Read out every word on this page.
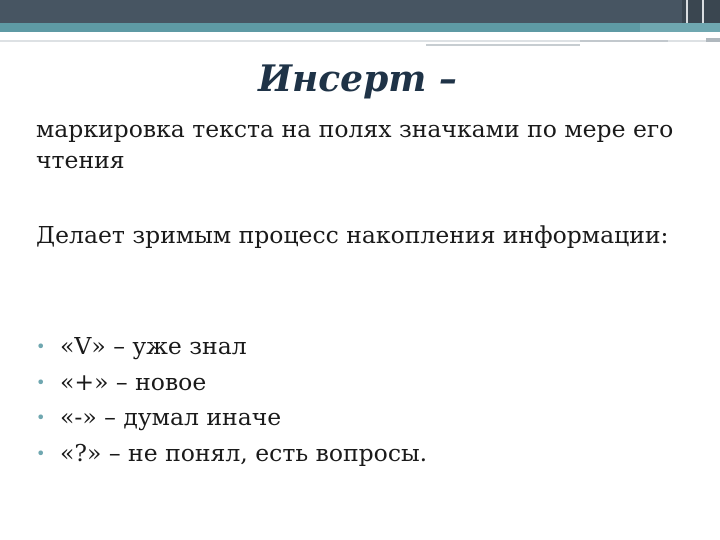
Инсерт –

маркировка текста на полях значками по мере его чтения

Делает зримым процесс накопления информации:

• «V» – уже знал
• «+» – новое
• «-» – думал иначе
• «?» – не понял, есть вопросы.
